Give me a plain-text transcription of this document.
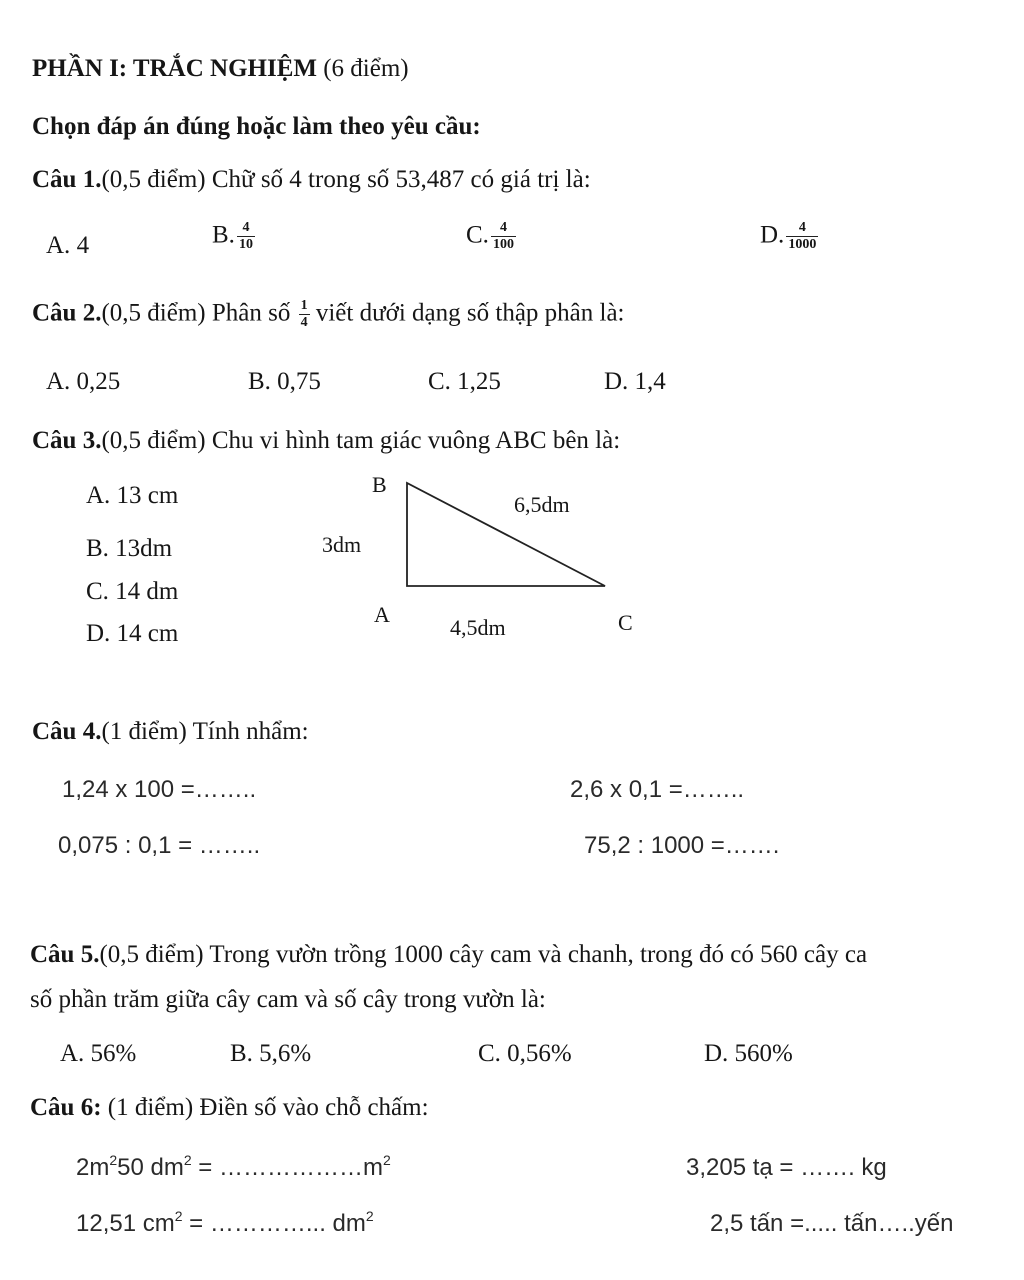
PHẦN I: TRẮC NGHIỆM (6 điểm)
Chọn đáp án đúng hoặc làm theo yêu cầu:
Câu 1.(0,5 điểm) Chữ số 4 trong số 53,487 có giá trị là:
A. 4	B. $\frac{4}{10}$	C. $\frac{4}{100}$	D. $\frac{4}{1000}$
Câu 2.(0,5 điểm) Phân số $\frac{1}{4}$ viết dưới dạng số thập phân là:
A. 0,25	B. 0,75	C. 1,25	D. 1,4
Câu 3.(0,5 điểm) Chu vi hình tam giác vuông ABC bên là:
A. 13 cm
B. 13dm
C. 14 dm
D. 14 cm
B
A	C
3dm
4,5dm
6,5dm
Câu 4.(1 điểm) Tính nhẩm:
1,24 x 100 =……..	2,6 x 0,1 =……..
0,075 : 0,1 = ……..	75,2 : 1000 =…….
Câu 5.(0,5 điểm) Trong vườn trồng 1000 cây cam và chanh, trong đó có 560 cây ca
số phần trăm giữa cây cam và số cây trong vườn là:
A. 56%	B. 5,6%	C. 0,56%	D. 560%
Câu 6: (1 điểm) Điền số vào chỗ chấm:
$2m^250$ $dm^2$ = $\dots\dots\dots\dots\dots\dots m^2$	3,205 tạ = ……. kg
12,51 $cm^2$ = …………... $dm^2$	2,5 tấn =..... tấn…..yến
